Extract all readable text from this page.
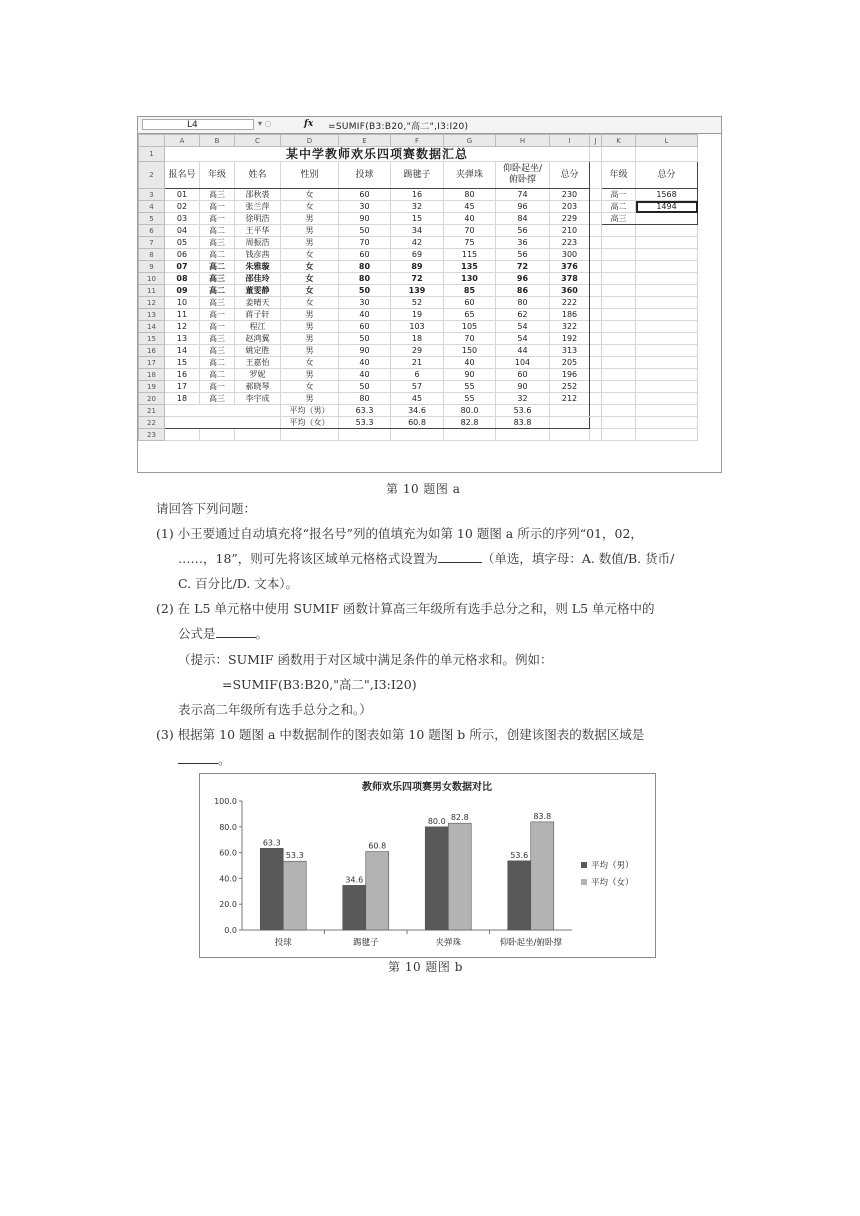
L4	▾ ◌	fx =SUMIF(B3:B20,"高二",I3:I20)
	A	B	C	D	E	F	G	H	I	J	K	L
1	某中学教师欢乐四项赛数据汇总											
2	报名号	年级	姓名	性别	投球	踢毽子	夹弹珠	仰卧起坐/俯卧撑	总分		年级	总分
3	01	高三	邵秋裘	女	60	16	80	74	230		高一	1568
4	02	高一	张兰萍	女	30	32	45	96	203		高二	1494
5	03	高一	徐明浩	男	90	15	40	84	229		高三	
6	04	高二	王平华	男	50	34	70	56	210			
7	05	高三	周振浩	男	70	42	75	36	223			
8	06	高二	钱彦茜	女	60	69	115	56	300			
9	07	高二	朱雅璇	女	80	89	135	72	376			
10	08	高三	邵佳玲	女	80	72	130	96	378			
11	09	高二	董雯静	女	50	139	85	86	360			
12	10	高三	姜晴天	女	30	52	60	80	222			
13	11	高一	蒋子轩	男	40	19	65	62	186			
14	12	高一	程江	男	60	103	105	54	322			
15	13	高三	赵鸿翼	男	50	18	70	54	192			
16	14	高三	姚定胜	男	90	29	150	44	313			
17	15	高二	王嘉怡	女	40	21	40	104	205			
18	16	高二	罗妮	男	40	6	90	60	196			
19	17	高一	郝晓琴	女	50	57	55	90	252			
20	18	高三	李宇成	男	80	45	55	32	212			
21				平均（男）	63.3	34.6	80.0	53.6				
22				平均（女）	53.3	60.8	82.8	83.8				
23												
第 10 题图 a
请回答下列问题：
(1) 小王要通过自动填充将“报名号”列的值填充为如第 10 题图 a 所示的序列“01，02，
……，18”，则可先将该区域单元格格式设置为	（单选，填字母：A. 数值/B. 货币/
C. 百分比/D. 文本）。
(2) 在 L5 单元格中使用 SUMIF 函数计算高三年级所有选手总分之和，则 L5 单元格中的
公式是	。
（提示：SUMIF 函数用于对区域中满足条件的单元格求和。例如：
=SUMIF(B3:B20,"高二",I3:I20)
表示高二年级所有选手总分之和。）
(3) 根据第 10 题图 a 中数据制作的图表如第 10 题图 b 所示，创建该图表的数据区域是
。
教师欢乐四项赛男女数据对比
0.0
20.0
40.0
60.0
80.0
100.0
63.3
53.3
投球
34.6
60.8
踢毽子
80.0 82.8
夹弹珠
53.6
83.8
仰卧起坐/俯卧撑
平均（男）
平均（女）
第 10 题图 b
